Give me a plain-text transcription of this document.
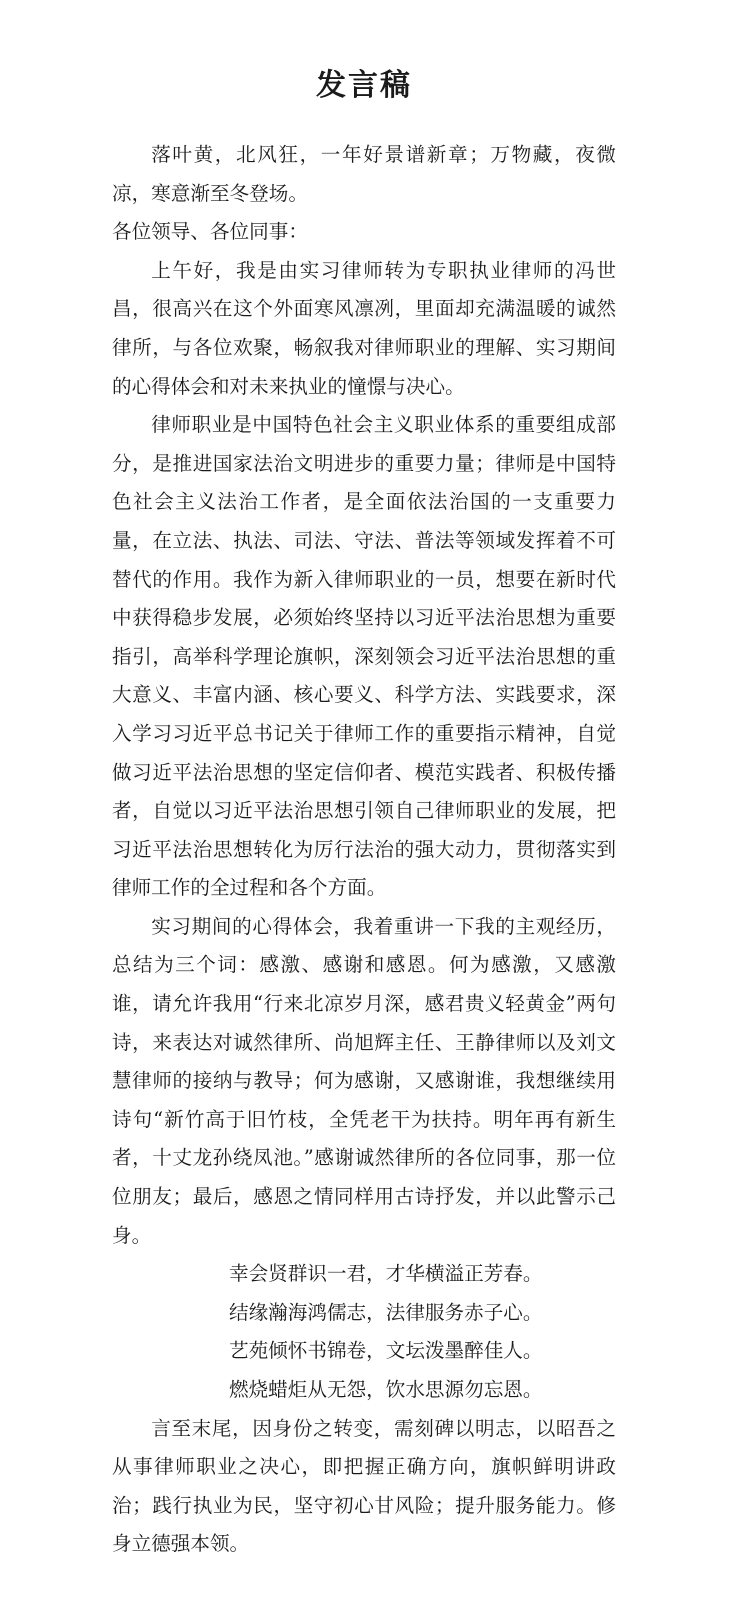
发言稿

落叶黄，北风狂，一年好景谱新章；万物藏，夜微凉，寒意渐至冬登场。

各位领导、各位同事：

上午好，我是由实习律师转为专职执业律师的冯世昌，很高兴在这个外面寒风凛冽，里面却充满温暖的诚然律所，与各位欢聚，畅叙我对律师职业的理解、实习期间的心得体会和对未来执业的憧憬与决心。

律师职业是中国特色社会主义职业体系的重要组成部分，是推进国家法治文明进步的重要力量；律师是中国特色社会主义法治工作者，是全面依法治国的一支重要力量，在立法、执法、司法、守法、普法等领域发挥着不可替代的作用。我作为新入律师职业的一员，想要在新时代中获得稳步发展，必须始终坚持以习近平法治思想为重要指引，高举科学理论旗帜，深刻领会习近平法治思想的重大意义、丰富内涵、核心要义、科学方法、实践要求，深入学习习近平总书记关于律师工作的重要指示精神，自觉做习近平法治思想的坚定信仰者、模范实践者、积极传播者，自觉以习近平法治思想引领自己律师职业的发展，把习近平法治思想转化为厉行法治的强大动力，贯彻落实到律师工作的全过程和各个方面。

实习期间的心得体会，我着重讲一下我的主观经历，总结为三个词：感激、感谢和感恩。何为感激，又感激谁，请允许我用“行来北凉岁月深，感君贵义轻黄金”两句诗，来表达对诚然律所、尚旭辉主任、王静律师以及刘文慧律师的接纳与教导；何为感谢，又感谢谁，我想继续用诗句“新竹高于旧竹枝，全凭老干为扶持。明年再有新生者，十丈龙孙绕凤池。”感谢诚然律所的各位同事，那一位位朋友；最后，感恩之情同样用古诗抒发，并以此警示己身。

幸会贤群识一君，才华横溢正芳春。

结缘瀚海鸿儒志，法律服务赤子心。

艺苑倾怀书锦卷，文坛泼墨醉佳人。

燃烧蜡炬从无怨，饮水思源勿忘恩。

言至末尾，因身份之转变，需刻碑以明志，以昭吾之从事律师职业之决心，即把握正确方向，旗帜鲜明讲政治；践行执业为民，坚守初心甘风险；提升服务能力。修身立德强本领。
